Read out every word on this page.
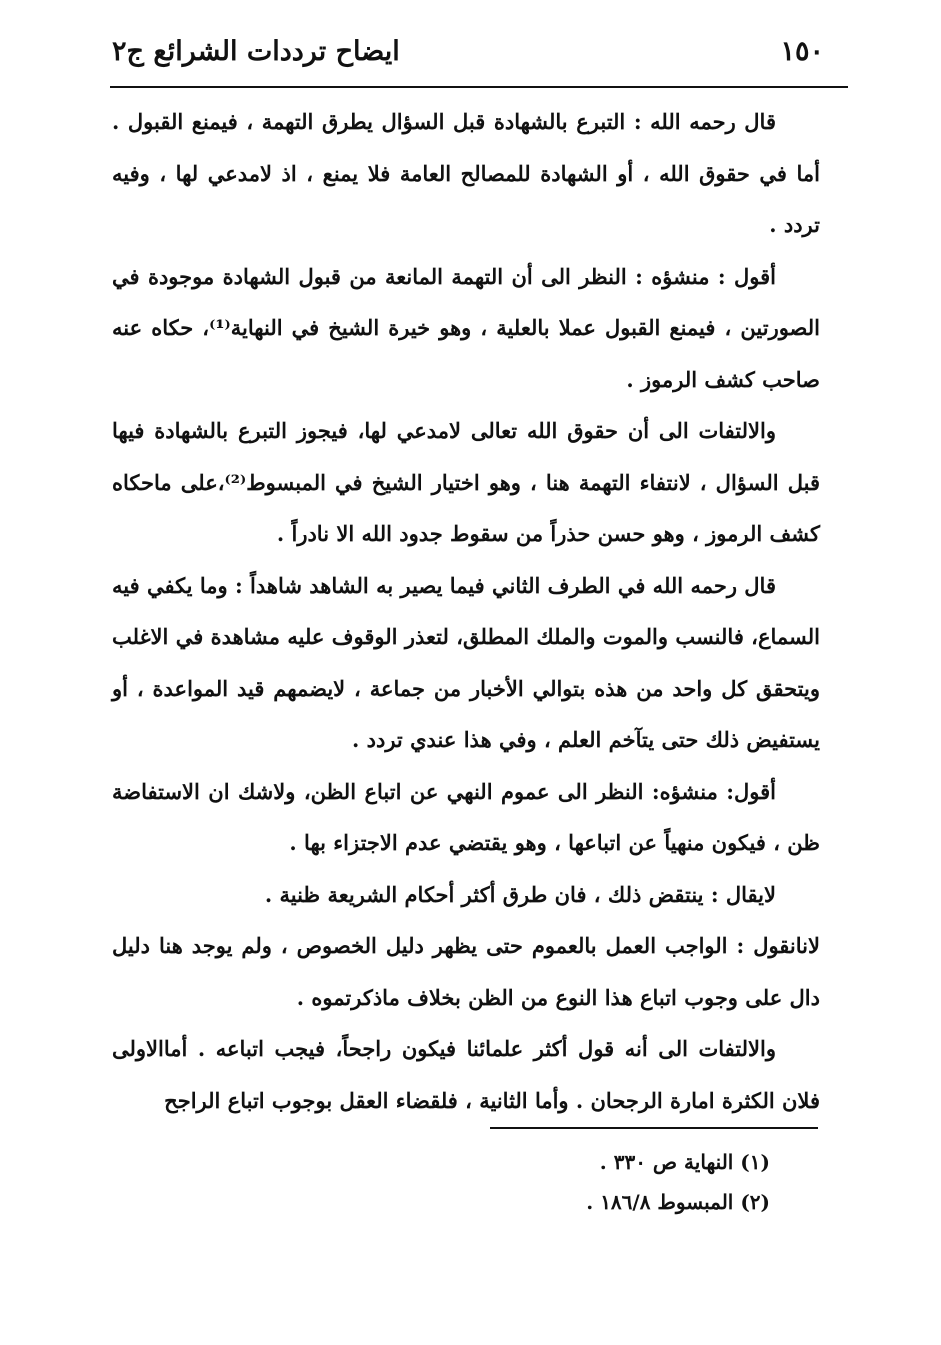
١٥٠
ايضاح ترددات الشرائع ج٢

قال رحمه الله : التبرع بالشهادة قبل السؤال يطرق التهمة ، فيمنع القبول . أما في حقوق الله ، أو الشهادة للمصالح العامة فلا يمنع ، اذ لامدعي لها ، وفيه تردد .

أقول : منشؤه : النظر الى أن التهمة المانعة من قبول الشهادة موجودة في الصورتين ، فيمنع القبول عملا بالعلية ، وهو خيرة الشيخ في النهاية⁽¹⁾، حكاه عنه صاحب كشف الرموز .

والالتفات الى أن حقوق الله تعالى لامدعي لها، فيجوز التبرع بالشهادة فيها قبل السؤال ، لانتفاء التهمة هنا ، وهو اختيار الشيخ في المبسوط⁽²⁾،على ماحكاه كشف الرموز ، وهو حسن حذراً من سقوط جدود الله الا نادراً .

قال رحمه الله في الطرف الثاني فيما يصير به الشاهد شاهداً : وما يكفي فيه السماع، فالنسب والموت والملك المطلق، لتعذر الوقوف عليه مشاهدة في الاغلب ويتحقق كل واحد من هذه بتوالي الأخبار من جماعة ، لايضمهم قيد المواعدة ، أو يستفيض ذلك حتى يتآخم العلم ، وفي هذا عندي تردد .

أقول: منشؤه: النظر الى عموم النهي عن اتباع الظن، ولاشك ان الاستفاضة ظن ، فيكون منهياً عن اتباعها ، وهو يقتضي عدم الاجتزاء بها .

لايقال : ينتقض ذلك ، فان طرق أكثر أحكام الشريعة ظنية .

لانانقول : الواجب العمل بالعموم حتى يظهر دليل الخصوص ، ولم يوجد هنا دليل دال على وجوب اتباع هذا النوع من الظن بخلاف ماذكرتموه .

والالتفات الى أنه قول أكثر علمائنا فيكون راجحاً، فيجب اتباعه . أماالاولى فلان الكثرة امارة الرجحان . وأما الثانية ، فلقضاء العقل بوجوب اتباع الراجح

(١) النهاية ص ٣٣٠ .
(٢) المبسوط ١٨٦/٨ .
